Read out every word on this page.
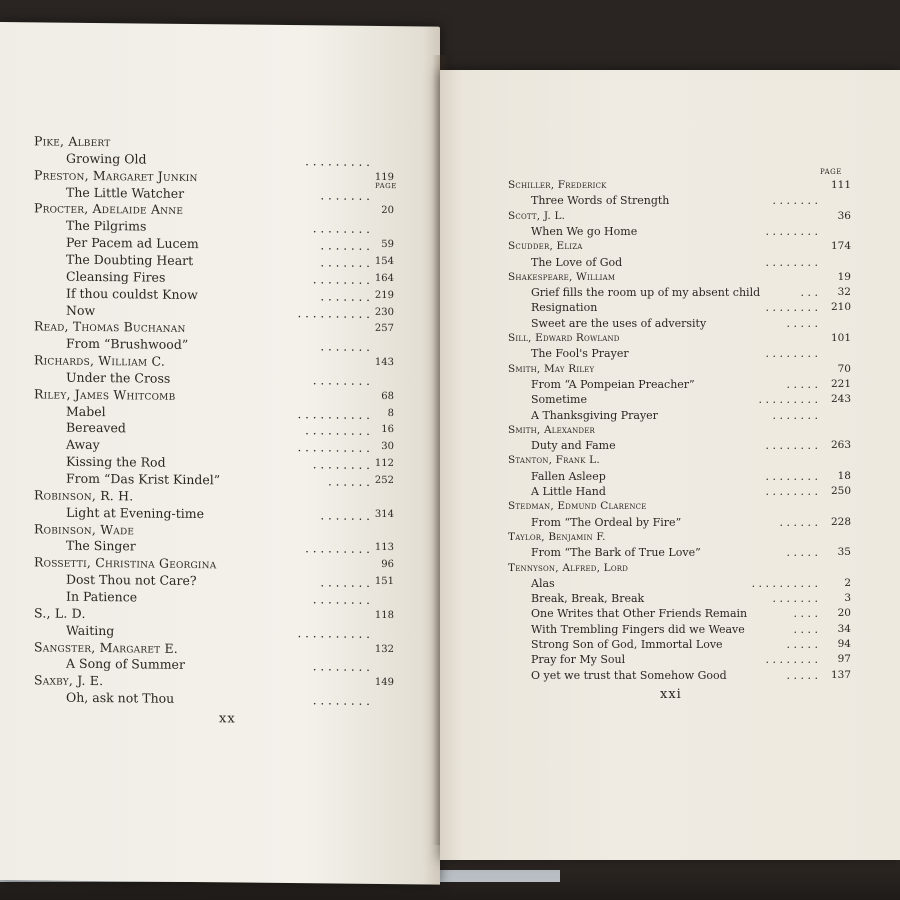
PAGE
Pike, Albert
Growing Old	. . . . . . . . .
Preston, Margaret Junkin	119
The Little Watcher	. . . . . . .
Procter, Adelaide Anne	20
The Pilgrims	. . . . . . . .
Per Pacem ad Lucem	. . . . . . . 59
The Doubting Heart	. . . . . . . 154
Cleansing Fires	. . . . . . . . 164
If thou couldst Know	. . . . . . . 219
Now	. . . . . . . . . . 230
Read, Thomas Buchanan	257
From “Brushwood”	. . . . . . .
Richards, William C.	143
Under the Cross	. . . . . . . .
Riley, James Whitcomb	68
Mabel	. . . . . . . . . . 8
Bereaved	. . . . . . . . . 16
Away	. . . . . . . . . . 30
Kissing the Rod	. . . . . . . . 112
From “Das Krist Kindel”	. . . . . . 252
Robinson, R. H.
Light at Evening-time	. . . . . . . 314
Robinson, Wade
The Singer	. . . . . . . . . 113
Rossetti, Christina Georgina	96
Dost Thou not Care?	. . . . . . . 151
In Patience	. . . . . . . .
S., L. D.	118
Waiting	. . . . . . . . . .
Sangster, Margaret E.	132
A Song of Summer	. . . . . . . .
Saxby, J. E.	149
Oh, ask not Thou	. . . . . . . .
xx
PAGE
Schiller, Frederick	111
Three Words of Strength	. . . . . . .
Scott, J. L.	36
When We go Home	. . . . . . . .
Scudder, Eliza	174
The Love of God	. . . . . . . .
Shakespeare, William	19
Grief fills the room up of my absent child	. . . 32
Resignation	. . . . . . . . 210
Sweet are the uses of adversity	. . . . .
Sill, Edward Rowland	101
The Fool's Prayer	. . . . . . . .
Smith, May Riley	70
From “A Pompeian Preacher”	. . . . . 221
Sometime	. . . . . . . . . 243
A Thanksgiving Prayer	. . . . . . .
Smith, Alexander
Duty and Fame	. . . . . . . . 263
Stanton, Frank L.
Fallen Asleep	. . . . . . . . 18
A Little Hand	. . . . . . . . 250
Stedman, Edmund Clarence
From “The Ordeal by Fire”	. . . . . . 228
Taylor, Benjamin F.
From “The Bark of True Love”	. . . . . 35
Tennyson, Alfred, Lord
Alas	. . . . . . . . . .	2
Break, Break, Break	. . . . . . .	3
One Writes that Other Friends Remain	. . . . 20
With Trembling Fingers did we Weave	. . . . 34
Strong Son of God, Immortal Love	. . . . . 94
Pray for My Soul	. . . . . . . . 97
O yet we trust that Somehow Good	. . . . . 137
xxi
